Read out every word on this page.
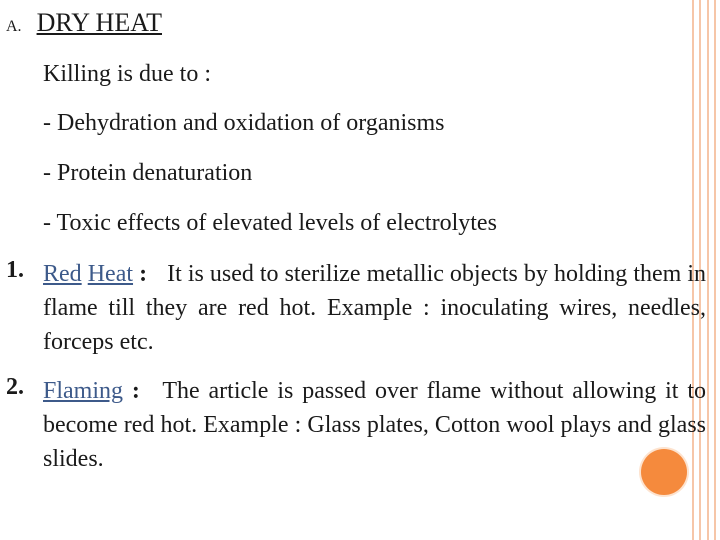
A. DRY HEAT
Killing is due to :
- Dehydration and oxidation of organisms
- Protein denaturation
- Toxic effects of elevated levels of electrolytes
1. Red Heat : It is used to sterilize metallic objects by holding them in flame till they are red hot. Example : inoculating wires, needles, forceps etc.
2. Flaming : The article is passed over flame without allowing it to become red hot. Example : Glass plates, Cotton wool plays and glass slides.
